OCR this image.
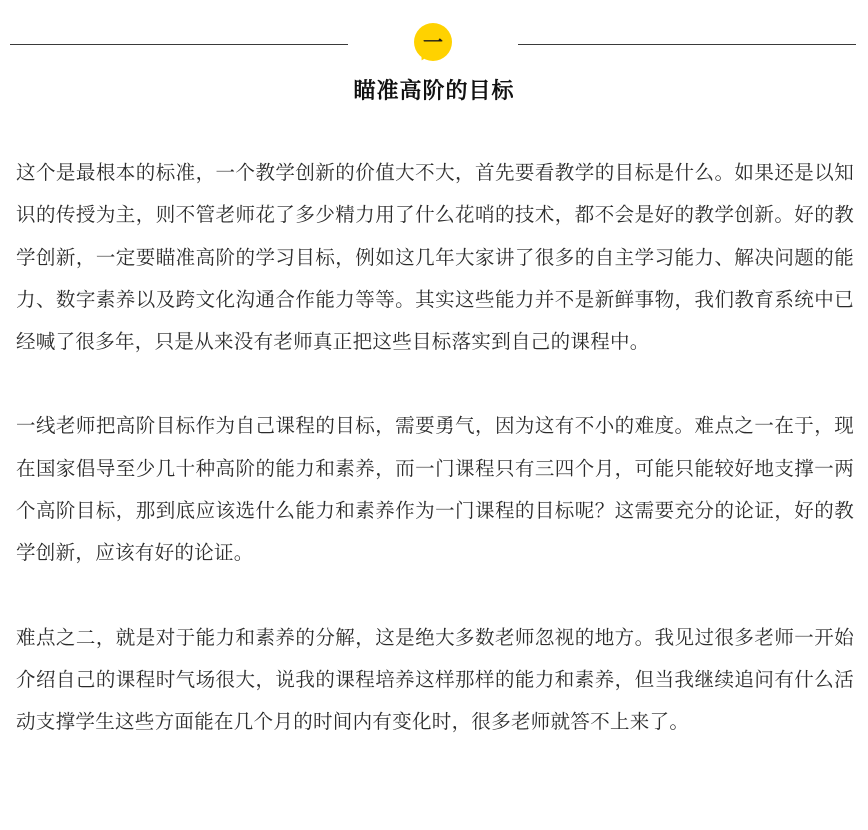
一
瞄准高阶的目标

这个是最根本的标准，一个教学创新的价值大不大，首先要看教学的目标是什么。如果还是以知识的传授为主，则不管老师花了多少精力用了什么花哨的技术，都不会是好的教学创新。好的教学创新，一定要瞄准高阶的学习目标，例如这几年大家讲了很多的自主学习能力、解决问题的能力、数字素养以及跨文化沟通合作能力等等。其实这些能力并不是新鲜事物，我们教育系统中已经喊了很多年，只是从来没有老师真正把这些目标落实到自己的课程中。

一线老师把高阶目标作为自己课程的目标，需要勇气，因为这有不小的难度。难点之一在于，现在国家倡导至少几十种高阶的能力和素养，而一门课程只有三四个月，可能只能较好地支撑一两个高阶目标，那到底应该选什么能力和素养作为一门课程的目标呢？这需要充分的论证，好的教学创新，应该有好的论证。

难点之二，就是对于能力和素养的分解，这是绝大多数老师忽视的地方。我见过很多老师一开始介绍自己的课程时气场很大，说我的课程培养这样那样的能力和素养，但当我继续追问有什么活动支撑学生这些方面能在几个月的时间内有变化时，很多老师就答不上来了。
